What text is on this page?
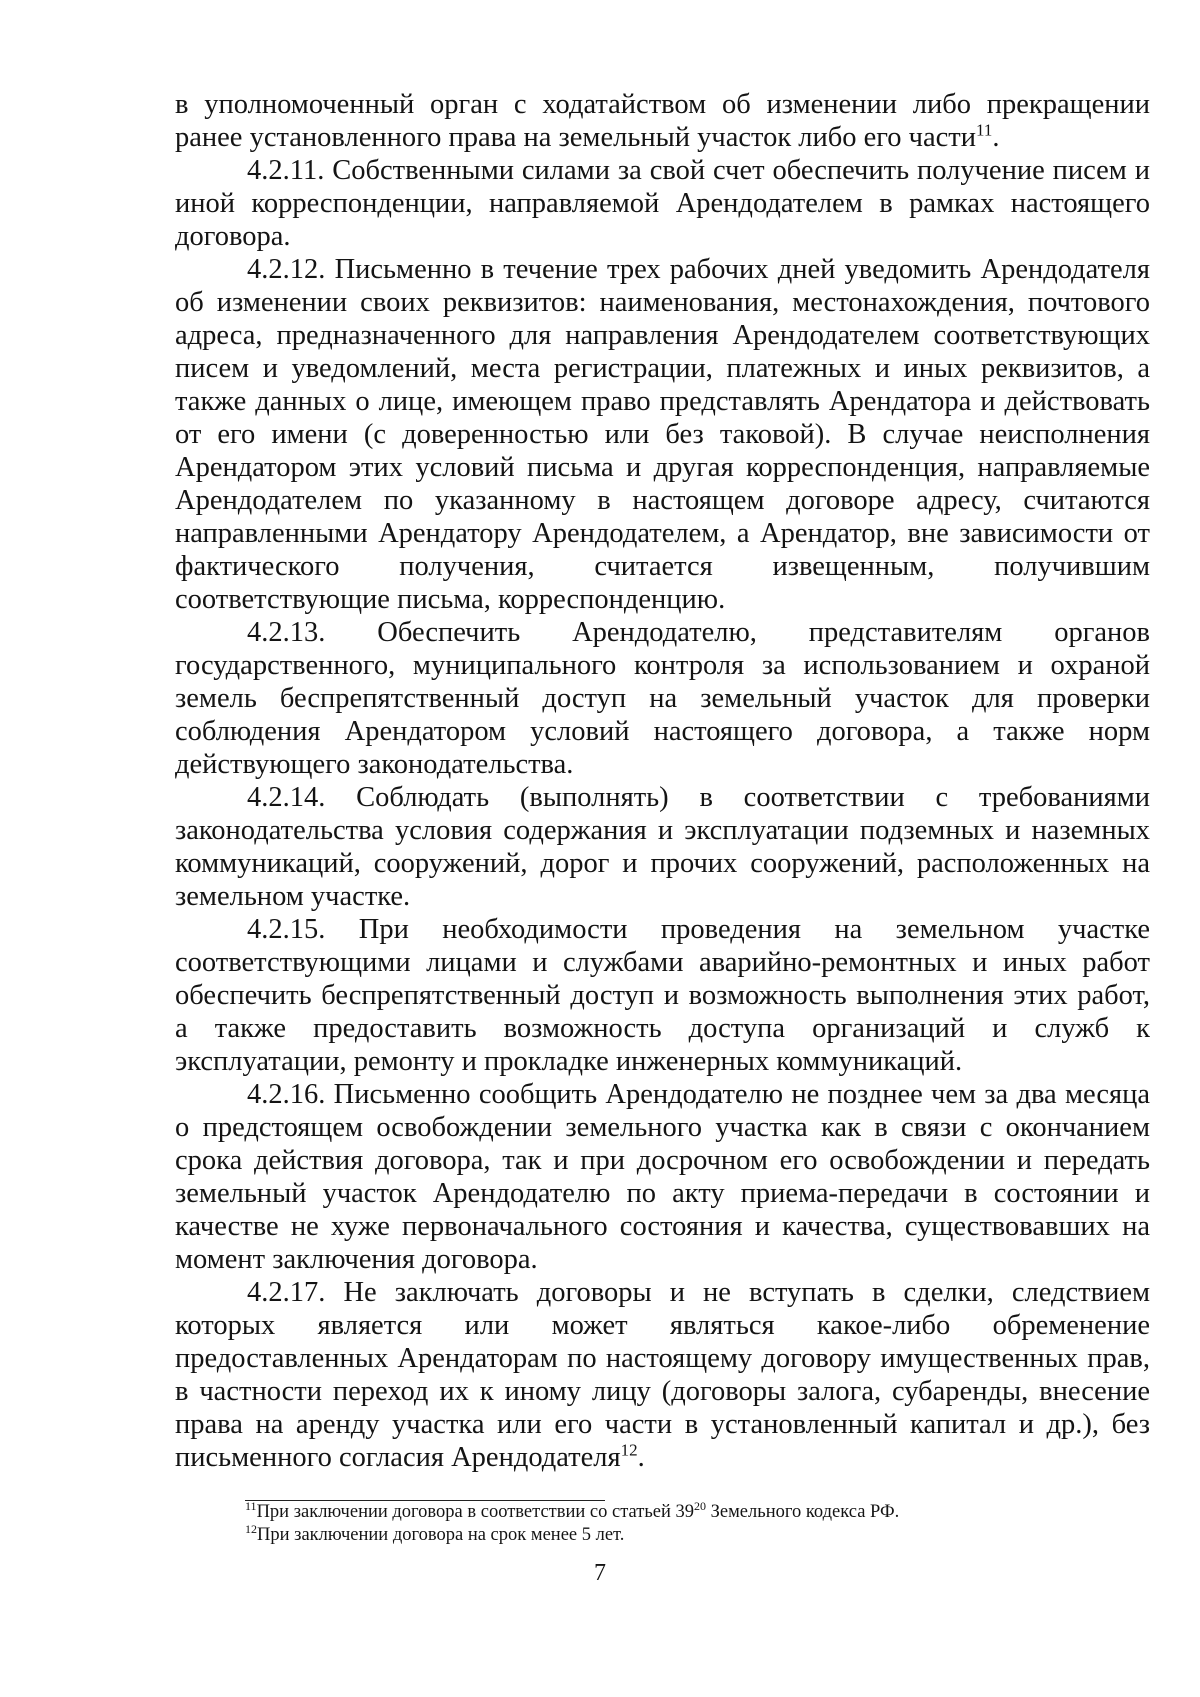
в уполномоченный орган с ходатайством об изменении либо прекращении ранее установленного права на земельный участок либо его части$^{11}$.
4.2.11. Собственными силами за свой счет обеспечить получение писем и иной корреспонденции, направляемой Арендодателем в рамках настоящего договора.
4.2.12. Письменно в течение трех рабочих дней уведомить Арендодателя об изменении своих реквизитов: наименования, местонахождения, почтового адреса, предназначенного для направления Арендодателем соответствующих писем и уведомлений, места регистрации, платежных и иных реквизитов, а также данных о лице, имеющем право представлять Арендатора и действовать от его имени (с доверенностью или без таковой). В случае неисполнения Арендатором этих условий письма и другая корреспонденция, направляемые Арендодателем по указанному в настоящем договоре адресу, считаются направленными Арендатору Арендодателем, а Арендатор, вне зависимости от фактического получения, считается извещенным, получившим соответствующие письма, корреспонденцию.
4.2.13. Обеспечить Арендодателю, представителям органов государственного, муниципального контроля за использованием и охраной земель беспрепятственный доступ на земельный участок для проверки соблюдения Арендатором условий настоящего договора, а также норм действующего законодательства.
4.2.14. Соблюдать (выполнять) в соответствии с требованиями законодательства условия содержания и эксплуатации подземных и наземных коммуникаций, сооружений, дорог и прочих сооружений, расположенных на земельном участке.
4.2.15. При необходимости проведения на земельном участке соответствующими лицами и службами аварийно-ремонтных и иных работ обеспечить беспрепятственный доступ и возможность выполнения этих работ, а также предоставить возможность доступа организаций и служб к эксплуатации, ремонту и прокладке инженерных коммуникаций.
4.2.16. Письменно сообщить Арендодателю не позднее чем за два месяца о предстоящем освобождении земельного участка как в связи с окончанием срока действия договора, так и при досрочном его освобождении и передать земельный участок Арендодателю по акту приема-передачи в состоянии и качестве не хуже первоначального состояния и качества, существовавших на момент заключения договора.
4.2.17. Не заключать договоры и не вступать в сделки, следствием которых является или может являться какое-либо обременение предоставленных Арендаторам по настоящему договору имущественных прав, в частности переход их к иному лицу (договоры залога, субаренды, внесение права на аренду участка или его части в установленный капитал и др.), без письменного согласия Арендодателя$^{12}$.
$^{11}$При заключении договора в соответствии со статьей $39^{20}$ Земельного кодекса РФ.
$^{12}$При заключении договора на срок менее 5 лет.
7
